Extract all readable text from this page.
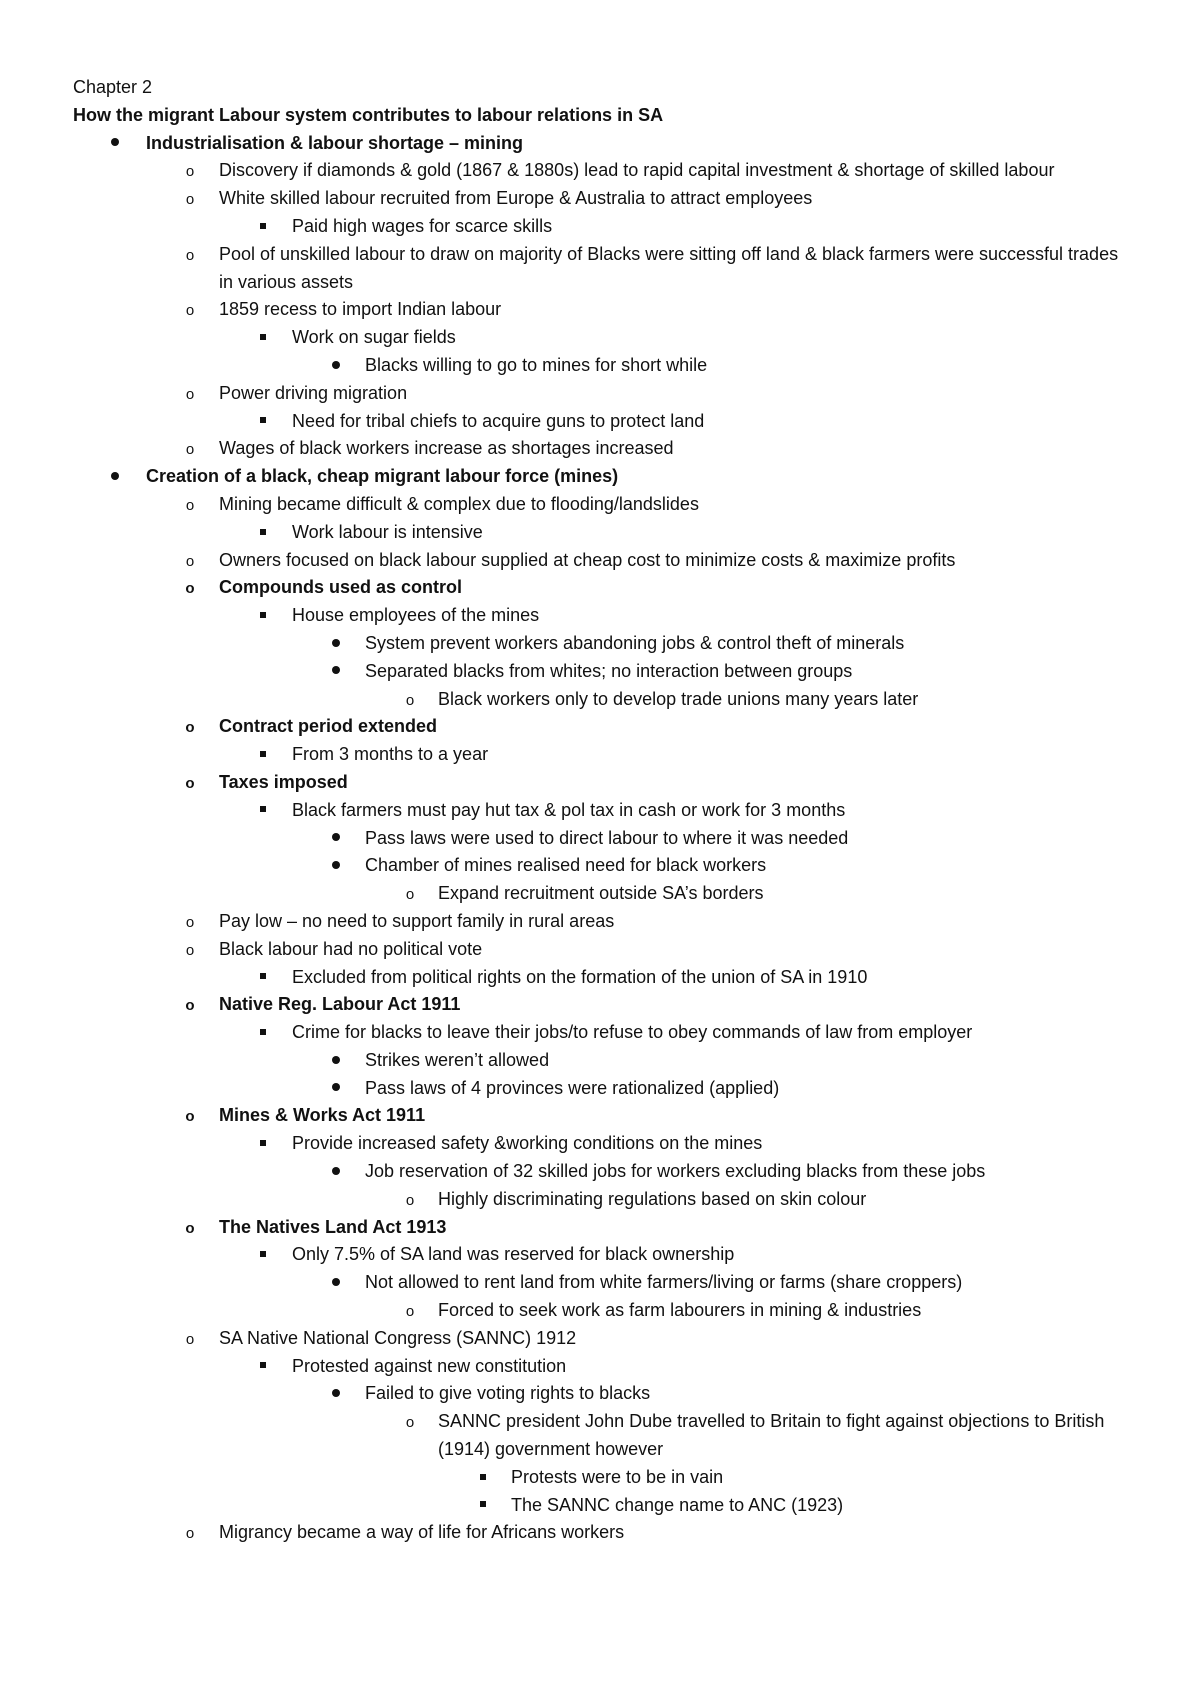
Chapter 2
How the migrant Labour system contributes to labour relations in SA
Industrialisation & labour shortage – mining
o
Discovery if diamonds & gold (1867 & 1880s) lead to rapid capital investment & shortage of skilled labour
o
White skilled labour recruited from Europe & Australia to attract employees
Paid high wages for scarce skills
o
Pool of unskilled labour to draw on majority of Blacks were sitting off land & black farmers were successful trades in various assets
o
1859 recess to import Indian labour
Work on sugar fields
Blacks willing to go to mines for short while
o
Power driving migration
Need for tribal chiefs to acquire guns to protect land
o
Wages of black workers increase as shortages increased
Creation of a black, cheap migrant labour force (mines)
o
Mining became difficult & complex due to flooding/landslides
Work labour is intensive
o
Owners focused on black labour supplied at cheap cost to minimize costs & maximize profits
o
Compounds used as control
House employees of the mines
System prevent workers abandoning jobs & control theft of minerals
Separated blacks from whites; no interaction between groups
o
Black workers only to develop trade unions many years later
o
Contract period extended
From 3 months to a year
o
Taxes imposed
Black farmers must pay hut tax & pol tax in cash or work for 3 months
Pass laws were used to direct labour to where it was needed
Chamber of mines realised need for black workers
o
Expand recruitment outside SA’s borders
o
Pay low – no need to support family in rural areas
o
Black labour had no political vote
Excluded from political rights on the formation of the union of SA in 1910
o
Native Reg. Labour Act 1911
Crime for blacks to leave their jobs/to refuse to obey commands of law from employer
Strikes weren’t allowed
Pass laws of 4 provinces were rationalized (applied)
o
Mines & Works Act 1911
Provide increased safety &working conditions on the mines
Job reservation of 32 skilled jobs for workers excluding blacks from these jobs
o
Highly discriminating regulations based on skin colour
o
The Natives Land Act 1913
Only 7.5% of SA land was reserved for black ownership
Not allowed to rent land from white farmers/living or farms (share croppers)
o
Forced to seek work as farm labourers in mining & industries
o
SA Native National Congress (SANNC) 1912
Protested against new constitution
Failed to give voting rights to blacks
o
SANNC president John Dube travelled to Britain to fight against objections to British (1914) government however
Protests were to be in vain
The SANNC change name to ANC (1923)
o
Migrancy became a way of life for Africans workers
